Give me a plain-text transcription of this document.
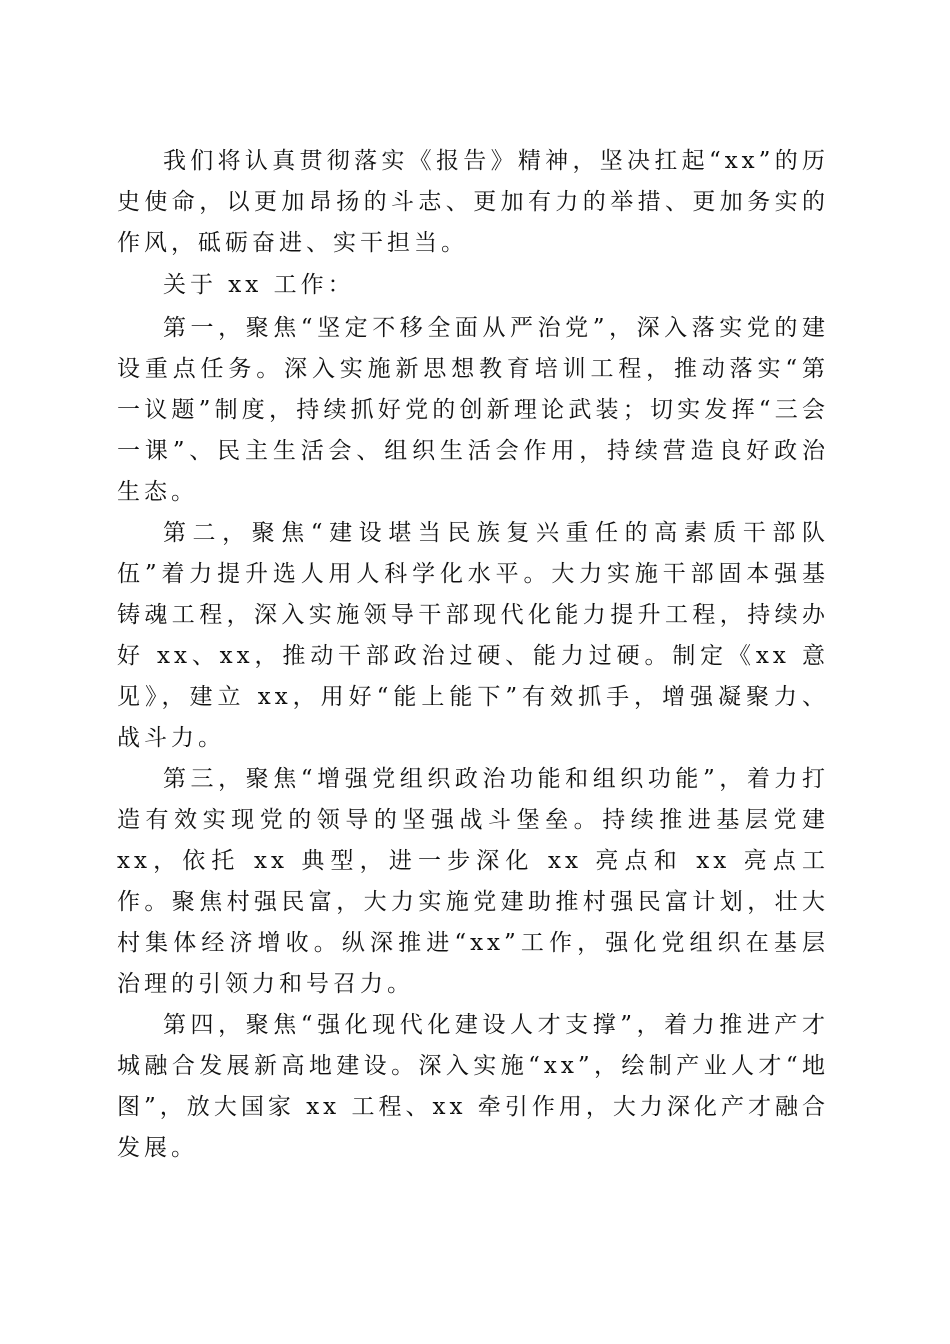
我们将认真贯彻落实《报告》精神，坚决扛起“xx”的历史使命，以更加昂扬的斗志、更加有力的举措、更加务实的作风，砥砺奋进、实干担当。

关于 xx 工作：

第一，聚焦“坚定不移全面从严治党”，深入落实党的建设重点任务。深入实施新思想教育培训工程，推动落实“第一议题”制度，持续抓好党的创新理论武装；切实发挥“三会一课”、民主生活会、组织生活会作用，持续营造良好政治生态。

第二，聚焦“建设堪当民族复兴重任的高素质干部队伍”着力提升选人用人科学化水平。大力实施干部固本强基铸魂工程，深入实施领导干部现代化能力提升工程，持续办好 xx、xx，推动干部政治过硬、能力过硬。制定《xx 意见》，建立 xx，用好“能上能下”有效抓手，增强凝聚力、战斗力。

第三，聚焦“增强党组织政治功能和组织功能”，着力打造有效实现党的领导的坚强战斗堡垒。持续推进基层党建 xx，依托 xx 典型，进一步深化 xx 亮点和 xx 亮点工作。聚焦村强民富，大力实施党建助推村强民富计划，壮大村集体经济增收。纵深推进“xx”工作，强化党组织在基层治理的引领力和号召力。

第四，聚焦“强化现代化建设人才支撑”，着力推进产才城融合发展新高地建设。深入实施“xx”，绘制产业人才“地图”，放大国家 xx 工程、xx 牵引作用，大力深化产才融合发展。
